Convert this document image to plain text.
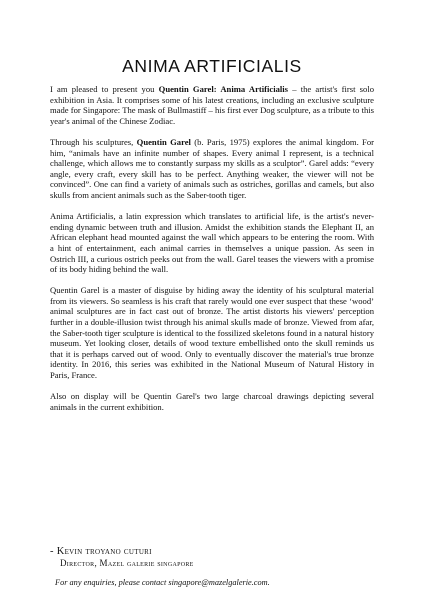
ANIMA ARTIFICIALIS

I am pleased to present you Quentin Garel: Anima Artificialis – the artist's first solo exhibition in Asia. It comprises some of his latest creations, including an exclusive sculpture made for Singapore: The mask of Bullmastiff – his first ever Dog sculpture, as a tribute to this year's animal of the Chinese Zodiac.

Through his sculptures, Quentin Garel (b. Paris, 1975) explores the animal kingdom. For him, “animals have an infinite number of shapes. Every animal I represent, is a technical challenge, which allows me to constantly surpass my skills as a sculptor”. Garel adds: “every angle, every craft, every skill has to be perfect. Anything weaker, the viewer will not be convinced”. One can find a variety of animals such as ostriches, gorillas and camels, but also skulls from ancient animals such as the Saber-tooth tiger.

Anima Artificialis, a latin expression which translates to artificial life, is the artist's never-ending dynamic between truth and illusion. Amidst the exhibition stands the Elephant II, an African elephant head mounted against the wall which appears to be entering the room. With a hint of entertainment, each animal carries in themselves a unique passion. As seen in Ostrich III, a curious ostrich peeks out from the wall. Garel teases the viewers with a promise of its body hiding behind the wall.

Quentin Garel is a master of disguise by hiding away the identity of his sculptural material from its viewers. So seamless is his craft that rarely would one ever suspect that these ‘wood’ animal sculptures are in fact cast out of bronze. The artist distorts his viewers' perception further in a double-illusion twist through his animal skulls made of bronze. Viewed from afar, the Saber-tooth tiger sculpture is identical to the fossilized skeletons found in a natural history museum. Yet looking closer, details of wood texture embellished onto the skull reminds us that it is perhaps carved out of wood. Only to eventually discover the material's true bronze identity. In 2016, this series was exhibited in the National Museum of Natural History in Paris, France.

Also on display will be Quentin Garel's two large charcoal drawings depicting several animals in the current exhibition.

- Kevin troyano cuturi
Director, Mazel galerie singapore
For any enquiries, please contact singapore@mazelgalerie.com.
